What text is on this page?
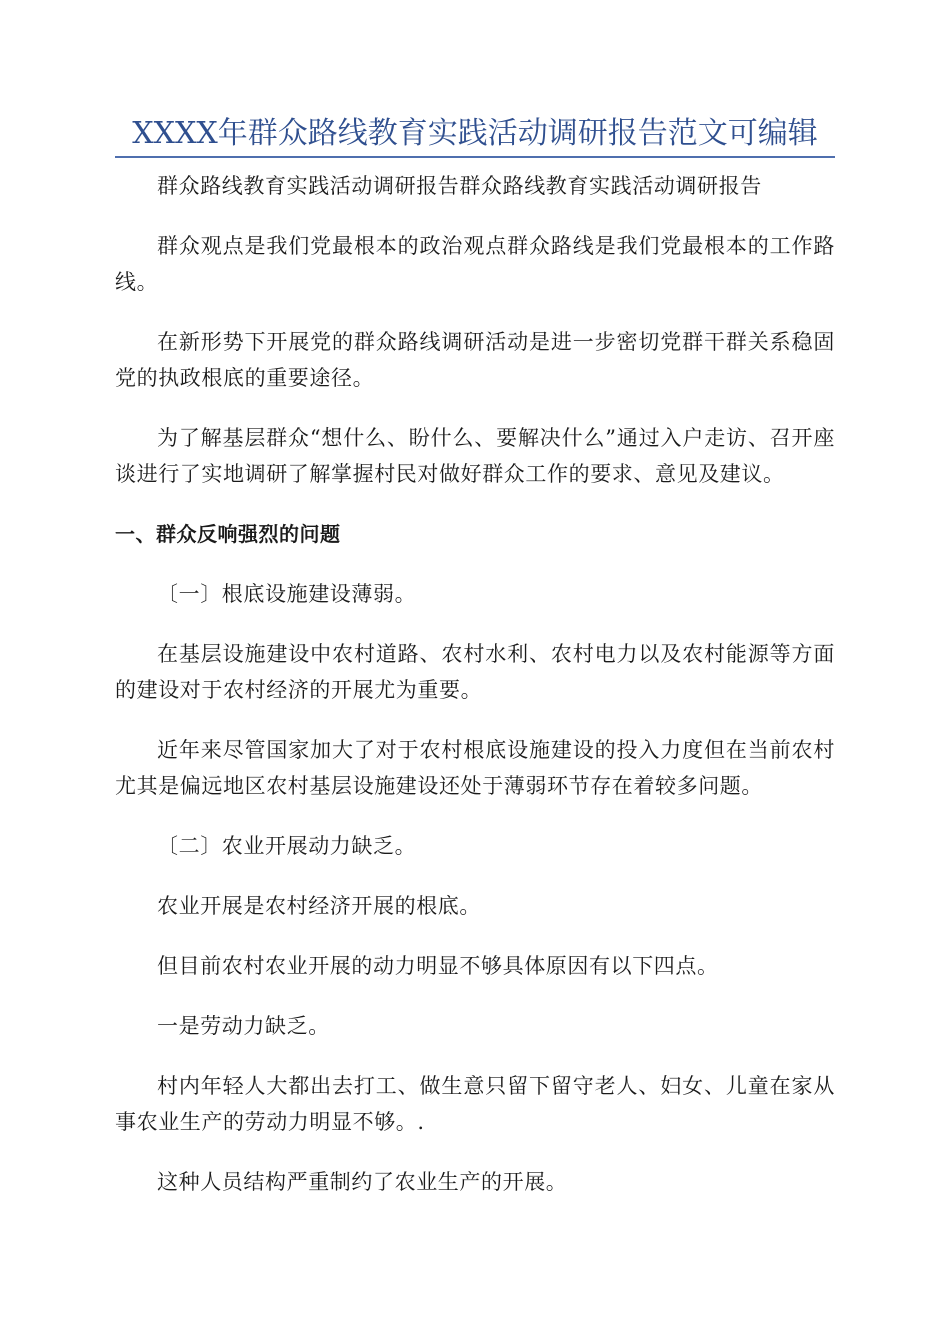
XXXX年群众路线教育实践活动调研报告范文可编辑

群众路线教育实践活动调研报告群众路线教育实践活动调研报告

群众观点是我们党最根本的政治观点群众路线是我们党最根本的工作路线。

在新形势下开展党的群众路线调研活动是进一步密切党群干群关系稳固党的执政根底的重要途径。

为了解基层群众“想什么、盼什么、要解决什么”通过入户走访、召开座谈进行了实地调研了解掌握村民对做好群众工作的要求、意见及建议。

一、群众反响强烈的问题

〔一〕根底设施建设薄弱。

在基层设施建设中农村道路、农村水利、农村电力以及农村能源等方面的建设对于农村经济的开展尤为重要。

近年来尽管国家加大了对于农村根底设施建设的投入力度但在当前农村尤其是偏远地区农村基层设施建设还处于薄弱环节存在着较多问题。

〔二〕农业开展动力缺乏。

农业开展是农村经济开展的根底。

但目前农村农业开展的动力明显不够具体原因有以下四点。

一是劳动力缺乏。

村内年轻人大都出去打工、做生意只留下留守老人、妇女、儿童在家从事农业生产的劳动力明显不够。.

这种人员结构严重制约了农业生产的开展。
